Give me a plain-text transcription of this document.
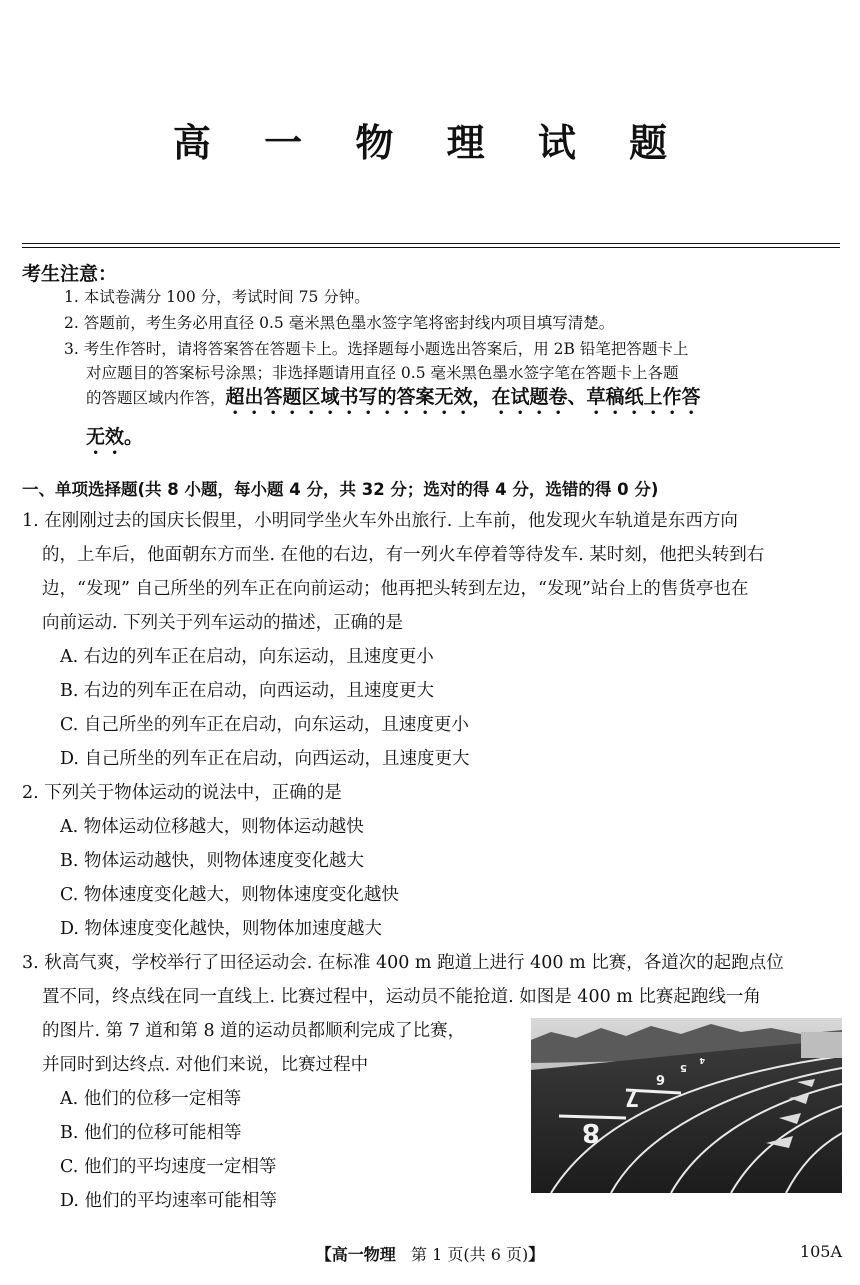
高 一 物 理 试 题
考生注意：
1. 本试卷满分 100 分，考试时间 75 分钟。
2. 答题前，考生务必用直径 0.5 毫米黑色墨水签字笔将密封线内项目填写清楚。
3. 考生作答时，请将答案答在答题卡上。选择题每小题选出答案后，用 2B 铅笔把答题卡上
对应题目的答案标号涂黑；非选择题请用直径 0.5 毫米黑色墨水签字笔在答题卡上各题
的答题区域内作答，超出答题区域书写的答案无效，在试题卷、草稿纸上作答
无效。
一、单项选择题(共 8 小题，每小题 4 分，共 32 分；选对的得 4 分，选错的得 0 分)
1. 在刚刚过去的国庆长假里，小明同学坐火车外出旅行. 上车前，他发现火车轨道是东西方向
的，上车后，他面朝东方而坐. 在他的右边，有一列火车停着等待发车. 某时刻，他把头转到右
边，“发现” 自己所坐的列车正在向前运动；他再把头转到左边，“发现”站台上的售货亭也在
向前运动. 下列关于列车运动的描述，正确的是
A. 右边的列车正在启动，向东运动，且速度更小
B. 右边的列车正在启动，向西运动，且速度更大
C. 自己所坐的列车正在启动，向东运动，且速度更小
D. 自己所坐的列车正在启动，向西运动，且速度更大
2. 下列关于物体运动的说法中，正确的是
A. 物体运动位移越大，则物体运动越快
B. 物体运动越快，则物体速度变化越大
C. 物体速度变化越大，则物体速度变化越快
D. 物体速度变化越快，则物体加速度越大
3. 秋高气爽，学校举行了田径运动会. 在标准 400 m 跑道上进行 400 m 比赛，各道次的起跑点位
置不同，终点线在同一直线上. 比赛过程中，运动员不能抢道. 如图是 400 m 比赛起跑线一角
的图片. 第 7 道和第 8 道的运动员都顺利完成了比赛，
并同时到达终点. 对他们来说，比赛过程中
A. 他们的位移一定相等
B. 他们的位移可能相等
C. 他们的平均速度一定相等
D. 他们的平均速率可能相等
8
7
6
5
4
【高一物理 第 1 页(共 6 页)】	105A
